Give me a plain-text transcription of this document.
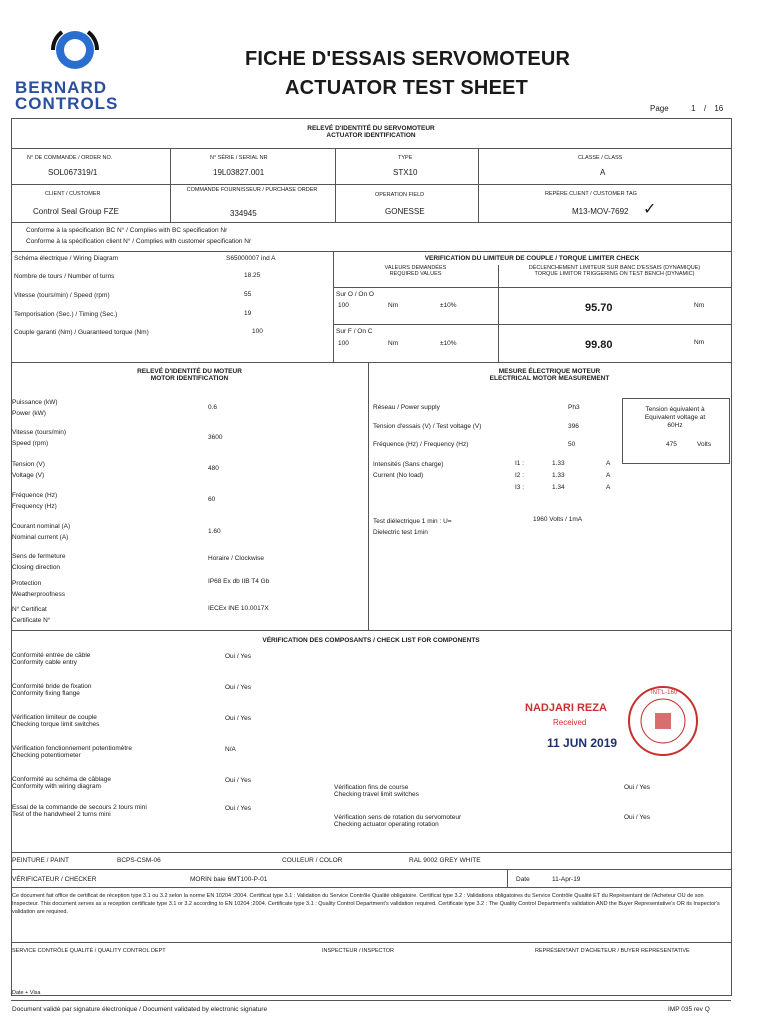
BERNARD
CONTROLS
FICHE D'ESSAIS SERVOMOTEUR
ACTUATOR TEST SHEET
Page	1 / 16
RELEVÉ D'IDENTITÉ DU SERVOMOTEUR
ACTUATOR IDENTIFICATION
N° DE COMMANDE / ORDER NO.
SOL067319/1
N° SÉRIE / SERIAL NR
19L03827.001
TYPE
STX10
CLASSE / CLASS
A
CLIENT / CUSTOMER
Control Seal Group FZE
COMMANDE FOURNISSEUR / PURCHASE ORDER
334945
OPERATION FIELD
GONESSE
REPÈRE CLIENT / CUSTOMER TAG
M13-MOV-7692 ✓
Conforme à la spécification BC N° / Complies with BC specification Nr
Conforme à la spécification client N° / Complies with customer specification Nr
Schéma électrique / Wiring Diagram	S65000007 ind A
Nombre de tours / Number of turns	18.25
Vitesse (tours/min) / Speed (rpm)	55
Temporisation (Sec.) / Timing (Sec.)	19
Couple garanti (Nm) / Guaranteed torque (Nm)	100
VERIFICATION DU LIMITEUR DE COUPLE / TORQUE LIMITER CHECK
VALEURS DEMANDÉES
REQUIRED VALUES
DÉCLENCHEMENT LIMITEUR SUR BANC D'ESSAIS (DYNAMIQUE)
TORQUE LIMITOR TRIGGERING ON TEST BENCH (DYNAMIC)
Sur O / On O
100	Nm	±10%	95.70	Nm
Sur F / On C
100	Nm	±10%	99.80	Nm
RELEVÉ D'IDENTITÉ DU MOTEUR
MOTOR IDENTIFICATION
MESURE ÉLECTRIQUE MOTEUR
ELECTRICAL MOTOR MEASUREMENT
Puissance (kW)
Power (kW)
0.6
Vitesse (tours/min)
Speed (rpm)
3600
Tension (V)
Voltage (V)
480
Fréquence (Hz)
Frequency (Hz)
60
Courant nominal (A)
Nominal current (A)
1.60
Sens de fermeture
Closing direction
Horaire / Clockwise
Protection
Weatherproofness
IP68 Ex db IIB T4 Gb
N° Certificat
Certificate N°
IECEx INE 10.0017X
Réseau / Power supply	Ph3
Tension d'essais (V) / Test voltage (V)	396
Fréquence (Hz) / Frequency (Hz)	50
Tension équivalent à
Equivalent voltage at
60Hz
475	Volts
Intensités (Sans charge)
Current (No load)
I1 :	1.33	A
I2 :	1.33	A
I3 :	1.34	A
Test diélectrique 1 min : U=
Dielectric test 1min
1960 Volts / 1mA
VÉRIFICATION DES COMPOSANTS / CHECK LIST FOR COMPONENTS
Conformité entrée de câble
Conformity cable entry
Oui / Yes
Conformité bride de fixation
Conformity fixing flange
Oui / Yes
Vérification limiteur de couple
Checking torque limit switches
Oui / Yes
Vérification fonctionnement potentiomètre
Checking potentiometer
N/A
Conformité au schéma de câblage
Conformity with wiring diagram
Oui / Yes
Essai de la commande de secours 2 tours mini
Test of the handwheel 2 turns mini
Oui / Yes
Vérification fins de course
Checking travel limit switches
Oui / Yes
Vérification sens de rotation du servomoteur
Checking actuator operating rotation
Oui / Yes
NADJARI REZA
Received
11 JUN 2019
INT'L-160
PEINTURE / PAINT	BCPS-CSM-06	COULEUR / COLOR	RAL 9002 GREY WHITE
VÉRIFICATEUR / CHECKER	MORIN baie 6MT100-P-01	Date	11-Apr-19
Ce document fait office de certificat de réception type 3.1 ou 3.2 selon la norme EN 10204 :2004. Certificat type 3.1 : Validation du Service Contrôle Qualité obligatoire. Certificat type 3.2 : Validations obligatoires du Service Contrôle Qualité ET du Représentant de l'Acheteur OU de son Inspecteur. This document serves as a reception certificate type 3.1 or 3.2 according to EN 10204 :2004. Certificate type 3.1 : Quality Control Department's validation required. Certificate type 3.2 : The Quality Control Department's validation AND the Buyer Representative's OR its Inspector's validation are required.
SERVICE CONTRÔLE QUALITÉ / QUALITY CONTROL DEPT	INSPECTEUR / INSPECTOR	REPRÉSENTANT D'ACHETEUR / BUYER REPRESENTATIVE
Date + Visa
Document validé par signature électronique / Document validated by electronic signature	IMP 035 rev Q
